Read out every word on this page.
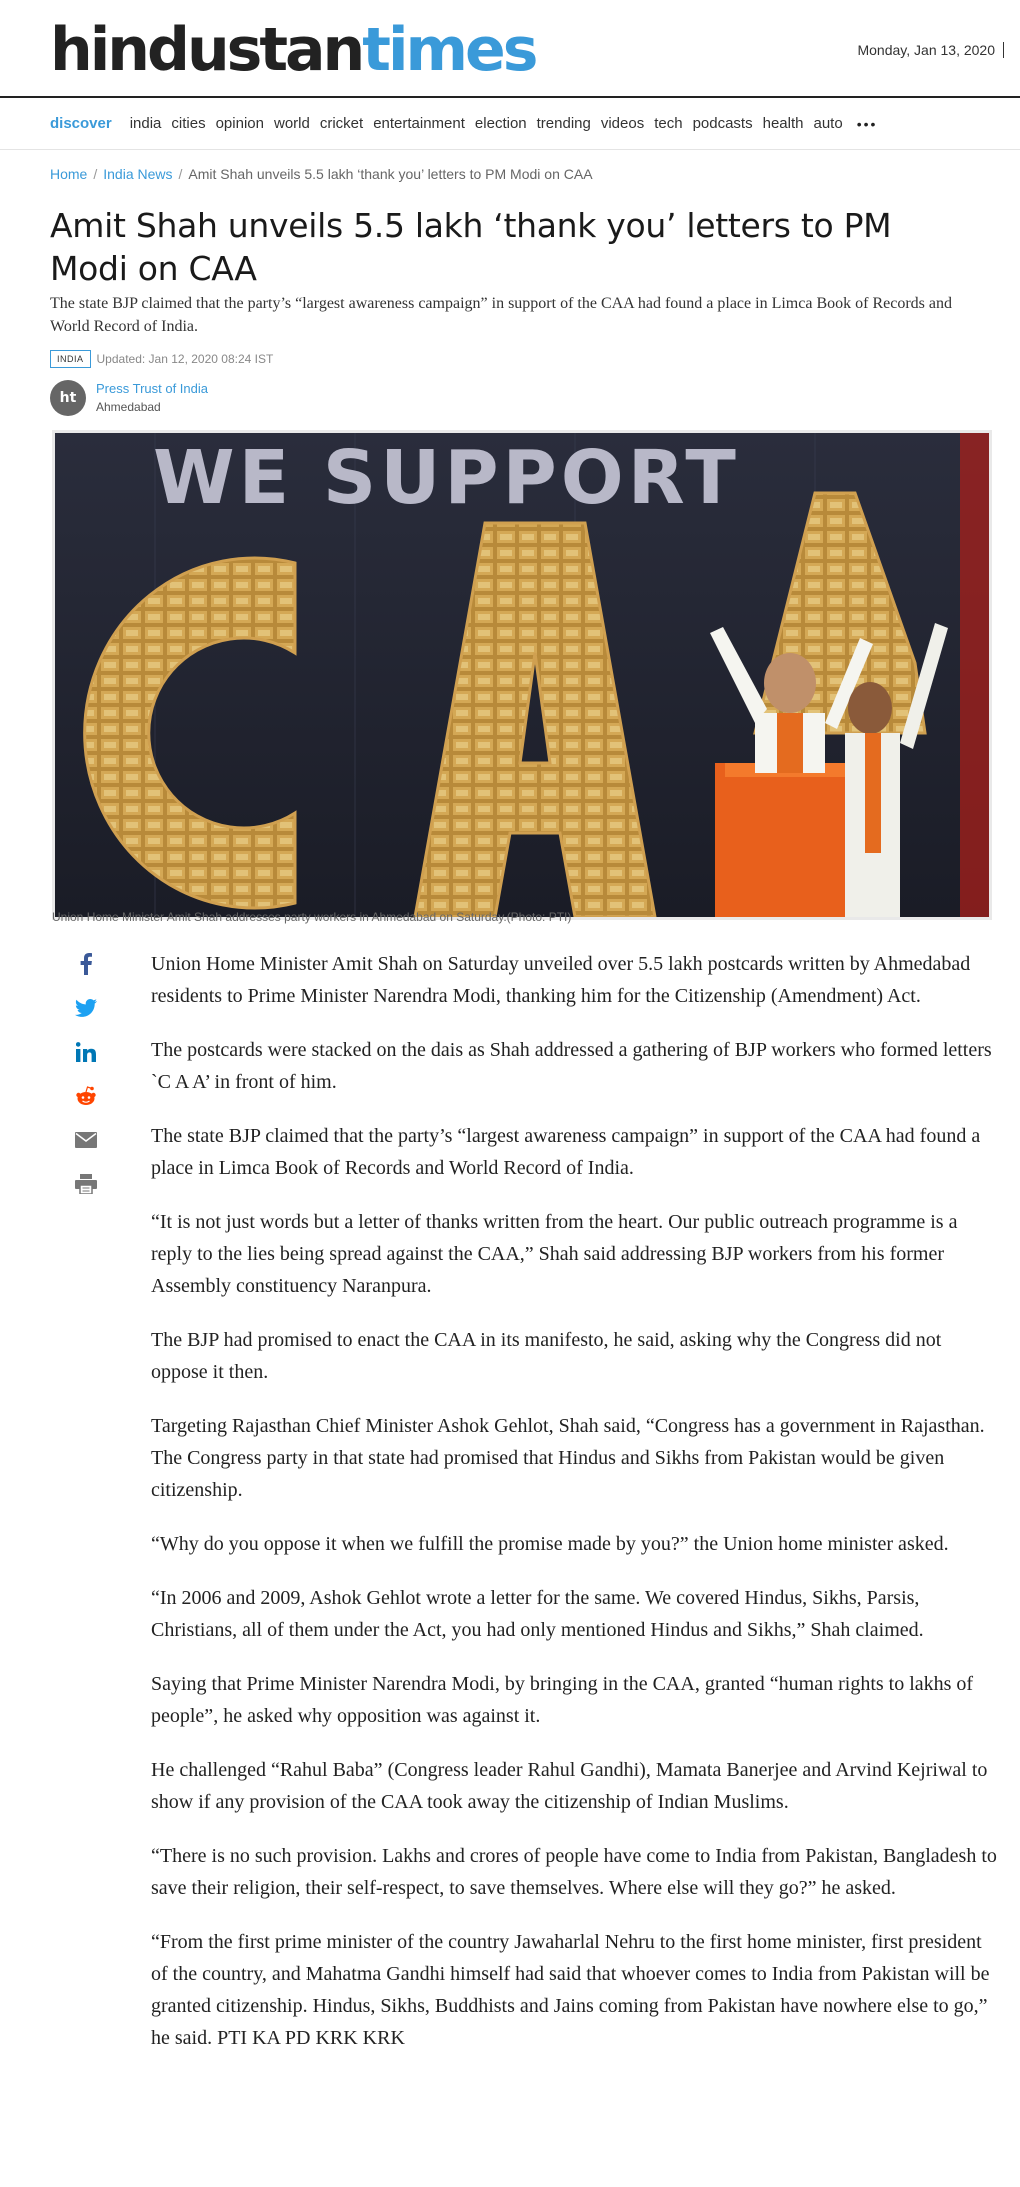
hindustantimes	Monday, Jan 13, 2020
discover india cities opinion world cricket entertainment election trending videos tech podcasts health auto •••
Home / India News / Amit Shah unveils 5.5 lakh ‘thank you’ letters to PM Modi on CAA
Amit Shah unveils 5.5 lakh ‘thank you’ letters to PM Modi on CAA
The state BJP claimed that the party’s “largest awareness campaign” in support of the CAA had found a place in Limca Book of Records and World Record of India.
INDIA	Updated: Jan 12, 2020 08:24 IST
ht
Press Trust of India
Ahmedabad
WE SUPPORT
Union Home Minister Amit Shah addresses party workers in Ahmedabad on Saturday.(Photo: PTI)

Union Home Minister Amit Shah on Saturday unveiled over 5.5 lakh postcards written by Ahmedabad residents to Prime Minister Narendra Modi, thanking him for the Citizenship (Amendment) Act.

The postcards were stacked on the dais as Shah addressed a gathering of BJP workers who formed letters `C A A’ in front of him.

The state BJP claimed that the party’s “largest awareness campaign” in support of the CAA had found a place in Limca Book of Records and World Record of India.

“It is not just words but a letter of thanks written from the heart. Our public outreach programme is a reply to the lies being spread against the CAA,” Shah said addressing BJP workers from his former Assembly constituency Naranpura.

The BJP had promised to enact the CAA in its manifesto, he said, asking why the Congress did not oppose it then.

Targeting Rajasthan Chief Minister Ashok Gehlot, Shah said, “Congress has a government in Rajasthan. The Congress party in that state had promised that Hindus and Sikhs from Pakistan would be given citizenship.

“Why do you oppose it when we fulfill the promise made by you?” the Union home minister asked.

“In 2006 and 2009, Ashok Gehlot wrote a letter for the same. We covered Hindus, Sikhs, Parsis, Christians, all of them under the Act, you had only mentioned Hindus and Sikhs,” Shah claimed.

Saying that Prime Minister Narendra Modi, by bringing in the CAA, granted “human rights to lakhs of people”, he asked why opposition was against it.

He challenged “Rahul Baba” (Congress leader Rahul Gandhi), Mamata Banerjee and Arvind Kejriwal to show if any provision of the CAA took away the citizenship of Indian Muslims.

“There is no such provision. Lakhs and crores of people have come to India from Pakistan, Bangladesh to save their religion, their self-respect, to save themselves. Where else will they go?” he asked.

“From the first prime minister of the country Jawaharlal Nehru to the first home minister, first president of the country, and Mahatma Gandhi himself had said that whoever comes to India from Pakistan will be granted citizenship. Hindus, Sikhs, Buddhists and Jains coming from Pakistan have nowhere else to go,” he said. PTI KA PD KRK KRK
